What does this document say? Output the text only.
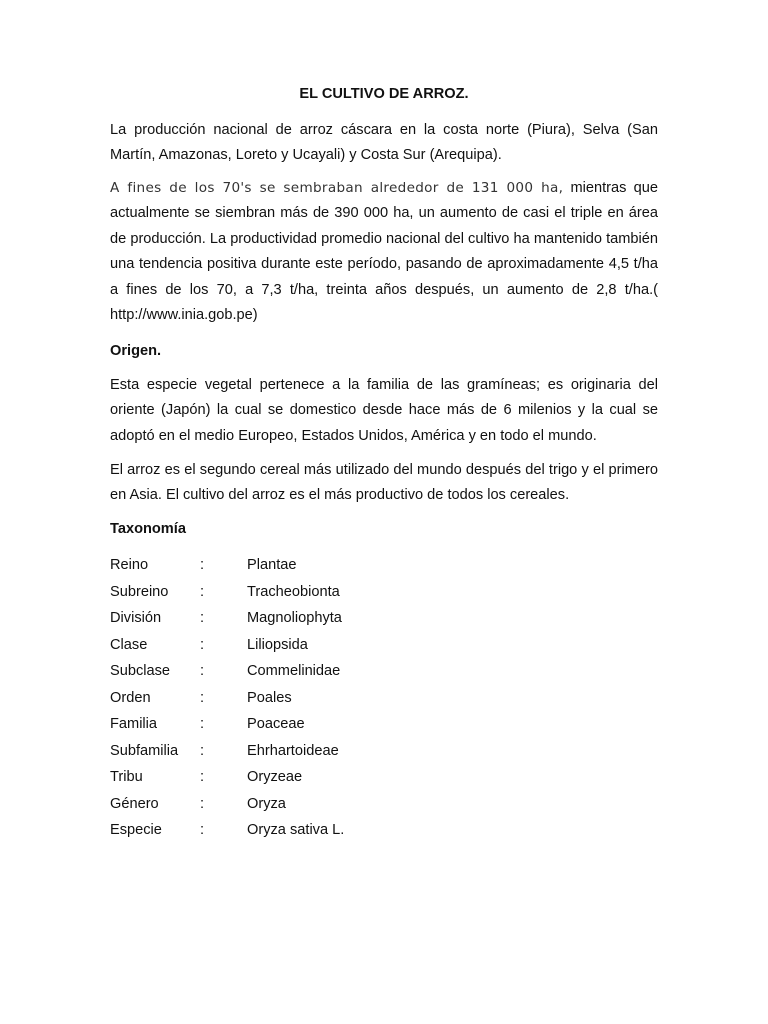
EL CULTIVO DE ARROZ.

La producción nacional de arroz cáscara en la costa norte (Piura), Selva (San Martín, Amazonas, Loreto y Ucayali) y Costa Sur (Arequipa).

A fines de los 70's se sembraban alrededor de 131 000 ha, mientras que actualmente se siembran más de 390 000 ha, un aumento de casi el triple en área de producción. La productividad promedio nacional del cultivo ha mantenido también una tendencia positiva durante este período, pasando de aproximadamente 4,5 t/ha a fines de los 70, a 7,3 t/ha, treinta años después, un aumento de 2,8 t/ha.( http://www.inia.gob.pe)

Origen.

Esta especie vegetal pertenece a la familia de las gramíneas; es originaria del oriente (Japón) la cual se domestico desde hace más de 6 milenios y la cual se adoptó en el medio Europeo, Estados Unidos, América y en todo el mundo.

El arroz es el segundo cereal más utilizado del mundo después del trigo y el primero en Asia. El cultivo del arroz es el más productivo de todos los cereales.

Taxonomía
Reino	:	Plantae
Subreino :	Tracheobionta
División	:	Magnoliophyta
Clase	:	Liliopsida
Subclase :	Commelinidae
Orden	:	Poales
Familia	:	Poaceae
Subfamilia :	Ehrhartoideae
Tribu	:	Oryzeae
Género	:	Oryza
Especie	:	Oryza sativa L.
